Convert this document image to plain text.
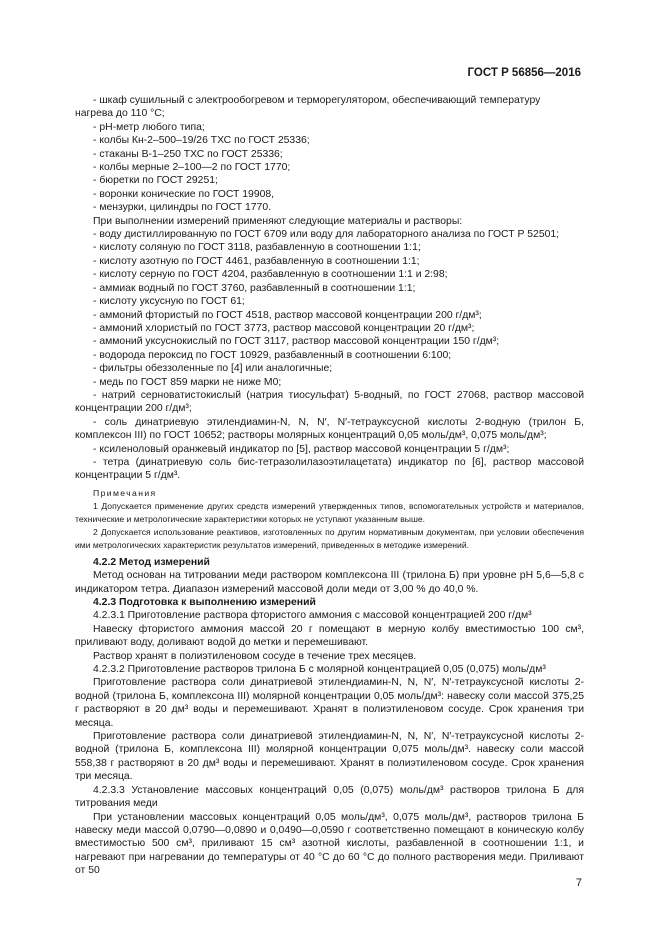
ГОСТ Р 56856—2016

- шкаф сушильный с электрообогревом и терморегулятором, обеспечивающий температуру

нагрева до 110 °С;

- рН-метр любого типа;

- колбы Кн-2–500–19/26 ТХС по ГОСТ 25336;

- стаканы В-1–250 ТХС по ГОСТ 25336;

- колбы мерные 2–100—2 по ГОСТ 1770;

- бюретки по ГОСТ 29251;

- воронки конические по ГОСТ 19908,

- мензурки, цилиндры по ГОСТ 1770.

При выполнении измерений применяют следующие материалы и растворы:

- воду дистиллированную по ГОСТ 6709 или воду для лабораторного анализа по ГОСТ Р 52501;

- кислоту соляную по ГОСТ 3118, разбавленную в соотношении 1:1;

- кислоту азотную по ГОСТ 4461, разбавленную в соотношении 1:1;

- кислоту серную по ГОСТ 4204, разбавленную в соотношении 1:1 и 2:98;

- аммиак водный по ГОСТ 3760, разбавленный в соотношении 1:1;

- кислоту уксусную по ГОСТ 61;

- аммоний фтористый по ГОСТ 4518, раствор массовой концентрации 200 г/дм³;

- аммоний хлористый по ГОСТ 3773, раствор массовой концентрации 20 г/дм³;

- аммоний уксуснокислый по ГОСТ 3117, раствор массовой концентрации 150 г/дм³;

- водорода пероксид по ГОСТ 10929, разбавленный в соотношении 6:100;

- фильтры обеззоленные по [4] или аналогичные;

- медь по ГОСТ 859 марки не ниже М0;

- натрий серноватистокислый (натрия тиосульфат) 5-водный, по ГОСТ 27068, раствор массовой концентрации 200 г/дм³;

- соль динатриевую этилендиамин-N, N, N′, N′-тетрауксусной кислоты 2-водную (трилон Б, комплексон III) по ГОСТ 10652; растворы молярных концентраций 0,05 моль/дм³, 0,075 моль/дм³;

- ксиленоловый оранжевый индикатор по [5], раствор массовой концентрации 5 г/дм³;

- тетра (динатриевую соль бис-тетразолилазоэтилацетата) индикатор по [6], раствор массовой концентрации 5 г/дм³.

Примечания

1 Допускается применение других средств измерений утвержденных типов, вспомогательных устройств и материалов, технические и метрологические характеристики которых не уступают указанным выше.

2 Допускается использование реактивов, изготовленных по другим нормативным документам, при условии обеспечения ими метрологических характеристик результатов измерений, приведенных в методике измерений.

4.2.2 Метод измерений

Метод основан на титровании меди раствором комплексона III (трилона Б) при уровне pH 5,6—5,8 с индикатором тетра. Диапазон измерений массовой доли меди от 3,00 % до 40,0 %.

4.2.3 Подготовка к выполнению измерений

4.2.3.1 Приготовление раствора фтористого аммония с массовой концентрацией 200 г/дм³

Навеску фтористого аммония массой 20 г помещают в мерную колбу вместимостью 100 см³, приливают воду, доливают водой до метки и перемешивают.

Раствор хранят в полиэтиленовом сосуде в течение трех месяцев.

4.2.3.2 Приготовление растворов трилона Б с молярной концентрацией 0,05 (0,075) моль/дм³

Приготовление раствора соли динатриевой этилендиамин-N, N, N′, N′-тетрауксусной кислоты 2-водной (трилона Б, комплексона III) молярной концентрации 0,05 моль/дм³: навеску соли массой 375,25 г растворяют в 20 дм³ воды и перемешивают. Хранят в полиэтиленовом сосуде. Срок хранения три месяца.

Приготовление раствора соли динатриевой этилендиамин-N, N, N′, N′-тетрауксусной кислоты 2-водной (трилона Б, комплексона III) молярной концентрации 0,075 моль/дм³. навеску соли массой 558,38 г растворяют в 20 дм³ воды и перемешивают. Хранят в полиэтиленовом сосуде. Срок хранения три месяца.

4.2.3.3 Установление массовых концентраций 0,05 (0,075) моль/дм³ растворов трилона Б для титрования меди

При установлении массовых концентраций 0,05 моль/дм³, 0,075 моль/дм³, растворов трилона Б навеску меди массой 0,0790—0,0890 и 0,0490—0,0590 г соответственно помещают в коническую колбу вместимостью 500 см³, приливают 15 см³ азотной кислоты, разбавленной в соотношении 1:1, и нагревают при нагревании до температуры от 40 °С до 60 °С до полного растворения меди. Приливают от 50

7
